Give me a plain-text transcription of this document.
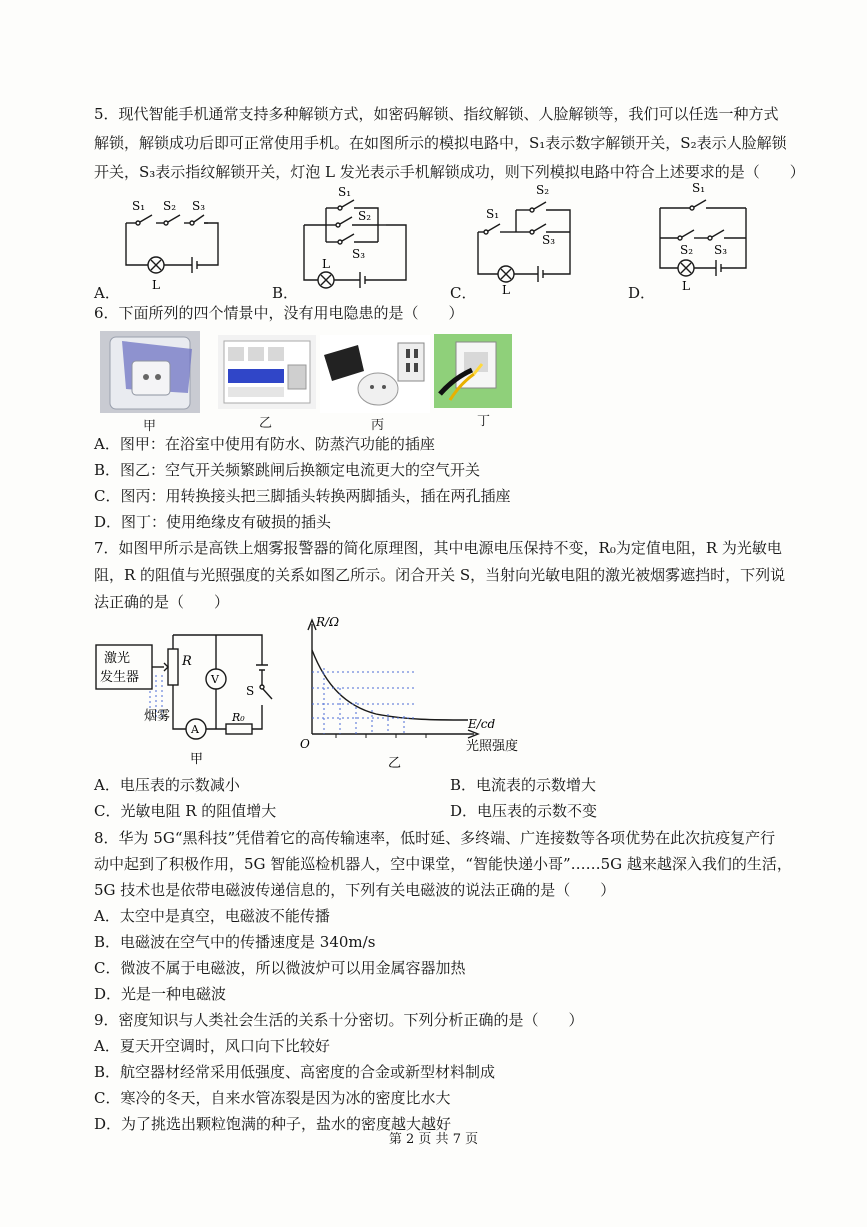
5．现代智能手机通常支持多种解锁方式，如密码解锁、指纹解锁、人脸解锁等，我们可以任选一种方式
解锁，解锁成功后即可正常使用手机。在如图所示的模拟电路中，S₁表示数字解锁开关，S₂表示人脸解锁
开关，S₃表示指纹解锁开关，灯泡 L 发光表示手机解锁成功，则下列模拟电路中符合上述要求的是（　　）
A．
S₁ S₂ S₃
L	B．
S₁
S₂
S₃
L
C．
S₂
S₁
S₃
L	D．
S₁
S₂ S₃
L
6．下面所列的四个情景中，没有用电隐患的是（　　）
甲	乙	丙	丁
A．图甲：在浴室中使用有防水、防蒸汽功能的插座
B．图乙：空气开关频繁跳闸后换额定电流更大的空气开关
C．图丙：用转换接头把三脚插头转换两脚插头，插在两孔插座
D．图丁：使用绝缘皮有破损的插头
7．如图甲所示是高铁上烟雾报警器的简化原理图，其中电源电压保持不变，R₀为定值电阻，R 为光敏电
阻，R 的阻值与光照强度的关系如图乙所示。闭合开关 S，当射向光敏电阻的激光被烟雾遮挡时，下列说
法正确的是（　　）
激光
发生器
R
V
A
R₀
S
烟雾
甲
R/Ω
E/cd
O	光照强度
乙
A．电压表的示数减小	B．电流表的示数增大
C．光敏电阻 R 的阻值增大	D．电压表的示数不变
8．华为 5G“黑科技”凭借着它的高传输速率，低时延、多终端、广连接数等各项优势在此次抗疫复产行
动中起到了积极作用，5G 智能巡检机器人，空中课堂，“智能快递小哥”……5G 越来越深入我们的生活，
5G 技术也是依带电磁波传递信息的，下列有关电磁波的说法正确的是（　　）
A．太空中是真空，电磁波不能传播
B．电磁波在空气中的传播速度是 340m/s
C．微波不属于电磁波，所以微波炉可以用金属容器加热
D．光是一种电磁波
9．密度知识与人类社会生活的关系十分密切。下列分析正确的是（　　）
A．夏天开空调时，风口向下比较好
B．航空器材经常采用低强度、高密度的合金或新型材料制成
C．寒冷的冬天，自来水管冻裂是因为冰的密度比水大
D．为了挑选出颗粒饱满的种子，盐水的密度越大越好
第 2 页 共 7 页
